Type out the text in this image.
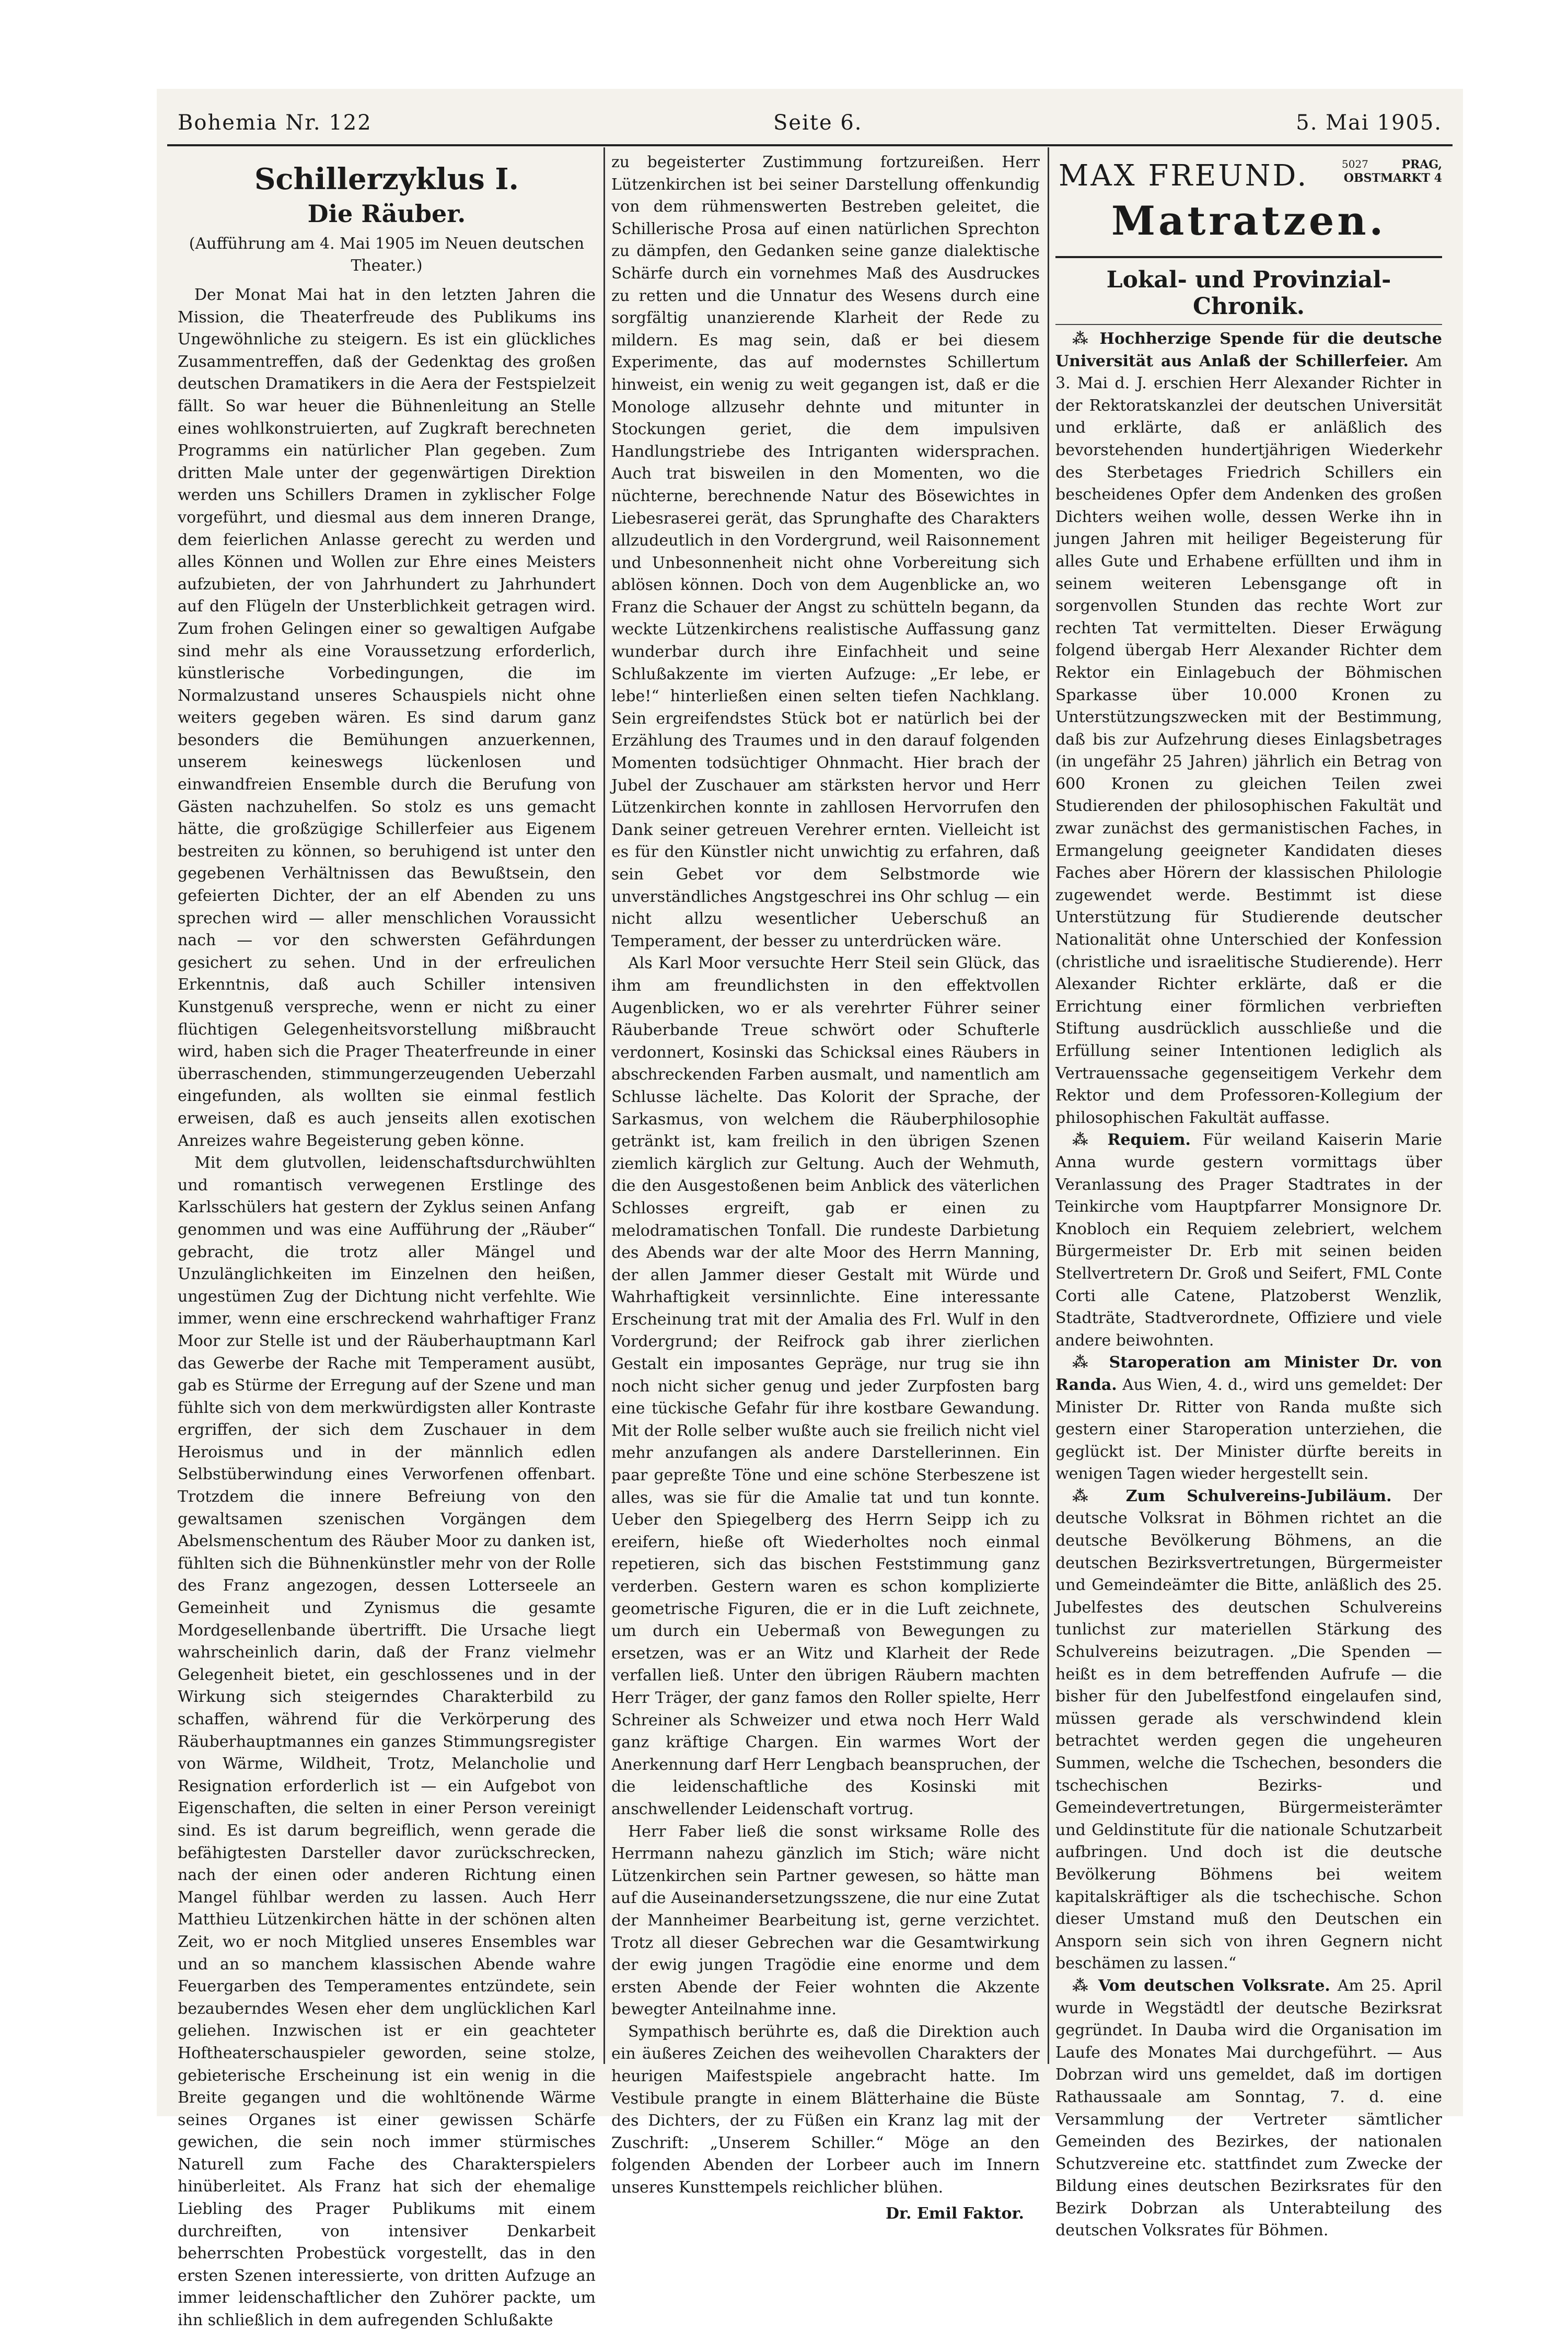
Bohemia Nr. 122	Seite 6.	5. Mai 1905.
Schillerzyklus I.
Die Räuber.
(Aufführung am 4. Mai 1905 im Neuen deutschen Theater.)

Der Monat Mai hat in den letzten Jahren die Mission, die Theaterfreude des Publikums ins Ungewöhnliche zu steigern. Es ist ein glückliches Zusammentreffen, daß der Gedenktag des großen deutschen Dramatikers in die Aera der Festspielzeit fällt. So war heuer die Bühnenleitung an Stelle eines wohlkonstruierten, auf Zugkraft berechneten Programms ein natürlicher Plan gegeben. Zum dritten Male unter der gegenwärtigen Direktion werden uns Schillers Dramen in zyklischer Folge vorgeführt, und diesmal aus dem inneren Drange, dem feierlichen Anlasse gerecht zu werden und alles Können und Wollen zur Ehre eines Meisters aufzubieten, der von Jahrhundert zu Jahrhundert auf den Flügeln der Unsterblichkeit getragen wird. Zum frohen Gelingen einer so gewaltigen Aufgabe sind mehr als eine Voraussetzung erforderlich, künstlerische Vorbedingungen, die im Normalzustand unseres Schauspiels nicht ohne weiters gegeben wären. Es sind darum ganz besonders die Bemühungen anzuerkennen, unserem keineswegs lückenlosen und einwandfreien Ensemble durch die Berufung von Gästen nachzuhelfen. So stolz es uns gemacht hätte, die großzügige Schillerfeier aus Eigenem bestreiten zu können, so beruhigend ist unter den gegebenen Verhältnissen das Bewußtsein, den gefeierten Dichter, der an elf Abenden zu uns sprechen wird — aller menschlichen Voraussicht nach — vor den schwersten Gefährdungen gesichert zu sehen. Und in der erfreulichen Erkenntnis, daß auch Schiller intensiven Kunstgenuß verspreche, wenn er nicht zu einer flüchtigen Gelegenheitsvorstellung mißbraucht wird, haben sich die Prager Theaterfreunde in einer überraschenden, stimmungerzeugenden Ueberzahl eingefunden, als wollten sie einmal festlich erweisen, daß es auch jenseits allen exotischen Anreizes wahre Begeisterung geben könne.

Mit dem glutvollen, leidenschaftsdurchwühlten und romantisch verwegenen Erstlinge des Karlsschülers hat gestern der Zyklus seinen Anfang genommen und was eine Aufführung der „Räuber“ gebracht, die trotz aller Mängel und Unzulänglichkeiten im Einzelnen den heißen, ungestümen Zug der Dichtung nicht verfehlte. Wie immer, wenn eine erschreckend wahrhaftiger Franz Moor zur Stelle ist und der Räuberhauptmann Karl das Gewerbe der Rache mit Temperament ausübt, gab es Stürme der Erregung auf der Szene und man fühlte sich von dem merkwürdigsten aller Kontraste ergriffen, der sich dem Zuschauer in dem Heroismus und in der männlich edlen Selbstüberwindung eines Verworfenen offenbart. Trotzdem die innere Befreiung von den gewaltsamen szenischen Vorgängen dem Abelsmenschentum des Räuber Moor zu danken ist, fühlten sich die Bühnenkünstler mehr von der Rolle des Franz angezogen, dessen Lotterseele an Gemeinheit und Zynismus die gesamte Mordgesellenbande übertrifft. Die Ursache liegt wahrscheinlich darin, daß der Franz vielmehr Gelegenheit bietet, ein geschlossenes und in der Wirkung sich steigerndes Charakterbild zu schaffen, während für die Verkörperung des Räuberhauptmannes ein ganzes Stimmungsregister von Wärme, Wildheit, Trotz, Melancholie und Resignation erforderlich ist — ein Aufgebot von Eigenschaften, die selten in einer Person vereinigt sind. Es ist darum begreiflich, wenn gerade die befähigtesten Darsteller davor zurückschrecken, nach der einen oder anderen Richtung einen Mangel fühlbar werden zu lassen. Auch Herr Matthieu Lützenkirchen hätte in der schönen alten Zeit, wo er noch Mitglied unseres Ensembles war und an so manchem klassischen Abende wahre Feuergarben des Temperamentes entzündete, sein bezauberndes Wesen eher dem unglücklichen Karl geliehen. Inzwischen ist er ein geachteter Hoftheaterschauspieler geworden, seine stolze, gebieterische Erscheinung ist ein wenig in die Breite gegangen und die wohltönende Wärme seines Organes ist einer gewissen Schärfe gewichen, die sein noch immer stürmisches Naturell zum Fache des Charakterspielers hinüberleitet. Als Franz hat sich der ehemalige Liebling des Prager Publikums mit einem durchreiften, von intensiver Denkarbeit beherrschten Probestück vorgestellt, das in den ersten Szenen interessierte, von dritten Aufzuge an immer leidenschaftlicher den Zuhörer packte, um ihn schließlich in dem aufregenden Schlußakte

zu begeisterter Zustimmung fortzureißen. Herr Lützenkirchen ist bei seiner Darstellung offenkundig von dem rühmenswerten Bestreben geleitet, die Schillerische Prosa auf einen natürlichen Sprechton zu dämpfen, den Gedanken seine ganze dialektische Schärfe durch ein vornehmes Maß des Ausdruckes zu retten und die Unnatur des Wesens durch eine sorgfältig unanzierende Klarheit der Rede zu mildern. Es mag sein, daß er bei diesem Experimente, das auf modernstes Schillertum hinweist, ein wenig zu weit gegangen ist, daß er die Monologe allzusehr dehnte und mitunter in Stockungen geriet, die dem impulsiven Handlungstriebe des Intriganten widersprachen. Auch trat bisweilen in den Momenten, wo die nüchterne, berechnende Natur des Bösewichtes in Liebesraserei gerät, das Sprunghafte des Charakters allzudeutlich in den Vordergrund, weil Raisonnement und Unbesonnenheit nicht ohne Vorbereitung sich ablösen können. Doch von dem Augenblicke an, wo Franz die Schauer der Angst zu schütteln begann, da weckte Lützenkirchens realistische Auffassung ganz wunderbar durch ihre Einfachheit und seine Schlußakzente im vierten Aufzuge: „Er lebe, er lebe!“ hinterließen einen selten tiefen Nachklang. Sein ergreifendstes Stück bot er natürlich bei der Erzählung des Traumes und in den darauf folgenden Momenten todsüchtiger Ohnmacht. Hier brach der Jubel der Zuschauer am stärksten hervor und Herr Lützenkirchen konnte in zahllosen Hervorrufen den Dank seiner getreuen Verehrer ernten. Vielleicht ist es für den Künstler nicht unwichtig zu erfahren, daß sein Gebet vor dem Selbstmorde wie unverständliches Angstgeschrei ins Ohr schlug — ein nicht allzu wesentlicher Ueberschuß an Temperament, der besser zu unterdrücken wäre.

Als Karl Moor versuchte Herr Steil sein Glück, das ihm am freundlichsten in den effektvollen Augenblicken, wo er als verehrter Führer seiner Räuberbande Treue schwört oder Schufterle verdonnert, Kosinski das Schicksal eines Räubers in abschreckenden Farben ausmalt, und namentlich am Schlusse lächelte. Das Kolorit der Sprache, der Sarkasmus, von welchem die Räuberphilosophie getränkt ist, kam freilich in den übrigen Szenen ziemlich kärglich zur Geltung. Auch der Wehmuth, die den Ausgestoßenen beim Anblick des väterlichen Schlosses ergreift, gab er einen zu melodramatischen Tonfall. Die rundeste Darbietung des Abends war der alte Moor des Herrn Manning, der allen Jammer dieser Gestalt mit Würde und Wahrhaftigkeit versinnlichte. Eine interessante Erscheinung trat mit der Amalia des Frl. Wulf in den Vordergrund; der Reifrock gab ihrer zierlichen Gestalt ein imposantes Gepräge, nur trug sie ihn noch nicht sicher genug und jeder Zurpfosten barg eine tückische Gefahr für ihre kostbare Gewandung. Mit der Rolle selber wußte auch sie freilich nicht viel mehr anzufangen als andere Darstellerinnen. Ein paar gepreßte Töne und eine schöne Sterbeszene ist alles, was sie für die Amalie tat und tun konnte. Ueber den Spiegelberg des Herrn Seipp ich zu ereifern, hieße oft Wiederholtes noch einmal repetieren, sich das bischen Feststimmung ganz verderben. Gestern waren es schon komplizierte geometrische Figuren, die er in die Luft zeichnete, um durch ein Uebermaß von Bewegungen zu ersetzen, was er an Witz und Klarheit der Rede verfallen ließ. Unter den übrigen Räubern machten Herr Träger, der ganz famos den Roller spielte, Herr Schreiner als Schweizer und etwa noch Herr Wald ganz kräftige Chargen. Ein warmes Wort der Anerkennung darf Herr Lengbach beanspruchen, der die leidenschaftliche des Kosinski mit anschwellender Leidenschaft vortrug.

Herr Faber ließ die sonst wirksame Rolle des Herrmann nahezu gänzlich im Stich; wäre nicht Lützenkirchen sein Partner gewesen, so hätte man auf die Auseinandersetzungsszene, die nur eine Zutat der Mannheimer Bearbeitung ist, gerne verzichtet. Trotz all dieser Gebrechen war die Gesamtwirkung der ewig jungen Tragödie eine enorme und dem ersten Abende der Feier wohnten die Akzente bewegter Anteilnahme inne.

Sympathisch berührte es, daß die Direktion auch ein äußeres Zeichen des weihevollen Charakters der heurigen Maifestspiele angebracht hatte. Im Vestibule prangte in einem Blätterhaine die Büste des Dichters, der zu Füßen ein Kranz lag mit der Zuschrift: „Unserem Schiller.“ Möge an den folgenden Abenden der Lorbeer auch im Innern unseres Kunsttempels reichlicher blühen.

Dr. Emil Faktor.
MAX FREUND.	5027	PRAG,
OBSTMARKT 4
Matratzen.
Lokal- und Provinzial-Chronik.

⁂ Hochherzige Spende für die deutsche Universität aus Anlaß der Schillerfeier. Am 3. Mai d. J. erschien Herr Alexander Richter in der Rektoratskanzlei der deutschen Universität und erklärte, daß er anläßlich des bevorstehenden hundertjährigen Wiederkehr des Sterbetages Friedrich Schillers ein bescheidenes Opfer dem Andenken des großen Dichters weihen wolle, dessen Werke ihn in jungen Jahren mit heiliger Begeisterung für alles Gute und Erhabene erfüllten und ihm in seinem weiteren Lebensgange oft in sorgenvollen Stunden das rechte Wort zur rechten Tat vermittelten. Dieser Erwägung folgend übergab Herr Alexander Richter dem Rektor ein Einlagebuch der Böhmischen Sparkasse über 10.000 Kronen zu Unterstützungszwecken mit der Bestimmung, daß bis zur Aufzehrung dieses Einlagsbetrages (in ungefähr 25 Jahren) jährlich ein Betrag von 600 Kronen zu gleichen Teilen zwei Studierenden der philosophischen Fakultät und zwar zunächst des germanistischen Faches, in Ermangelung geeigneter Kandidaten dieses Faches aber Hörern der klassischen Philologie zugewendet werde. Bestimmt ist diese Unterstützung für Studierende deutscher Nationalität ohne Unterschied der Konfession (christliche und israelitische Studierende). Herr Alexander Richter erklärte, daß er die Errichtung einer förmlichen verbrieften Stiftung ausdrücklich ausschließe und die Erfüllung seiner Intentionen lediglich als Vertrauenssache gegenseitigem Verkehr dem Rektor und dem Professoren-Kollegium der philosophischen Fakultät auffasse.

⁂ Requiem. Für weiland Kaiserin Marie Anna wurde gestern vormittags über Veranlassung des Prager Stadtrates in der Teinkirche vom Hauptpfarrer Monsignore Dr. Knobloch ein Requiem zelebriert, welchem Bürgermeister Dr. Erb mit seinen beiden Stellvertretern Dr. Groß und Seifert, FML Conte Corti alle Catene, Platzoberst Wenzlik, Stadträte, Stadtverordnete, Offiziere und viele andere beiwohnten.

⁂ Staroperation am Minister Dr. von Randa. Aus Wien, 4. d., wird uns gemeldet: Der Minister Dr. Ritter von Randa mußte sich gestern einer Staroperation unterziehen, die geglückt ist. Der Minister dürfte bereits in wenigen Tagen wieder hergestellt sein.

⁂ Zum Schulvereins-Jubiläum. Der deutsche Volksrat in Böhmen richtet an die deutsche Bevölkerung Böhmens, an die deutschen Bezirksvertretungen, Bürgermeister und Gemeindeämter die Bitte, anläßlich des 25. Jubelfestes des deutschen Schulvereins tunlichst zur materiellen Stärkung des Schulvereins beizutragen. „Die Spenden — heißt es in dem betreffenden Aufrufe — die bisher für den Jubelfestfond eingelaufen sind, müssen gerade als verschwindend klein betrachtet werden gegen die ungeheuren Summen, welche die Tschechen, besonders die tschechischen Bezirks- und Gemeindevertretungen, Bürgermeisterämter und Geldinstitute für die nationale Schutzarbeit aufbringen. Und doch ist die deutsche Bevölkerung Böhmens bei weitem kapitalskräftiger als die tschechische. Schon dieser Umstand muß den Deutschen ein Ansporn sein sich von ihren Gegnern nicht beschämen zu lassen.“

⁂ Vom deutschen Volksrate. Am 25. April wurde in Wegstädtl der deutsche Bezirksrat gegründet. In Dauba wird die Organisation im Laufe des Monates Mai durchgeführt. — Aus Dobrzan wird uns gemeldet, daß im dortigen Rathaussaale am Sonntag, 7. d. eine Versammlung der Vertreter sämtlicher Gemeinden des Bezirkes, der nationalen Schutzvereine etc. stattfindet zum Zwecke der Bildung eines deutschen Bezirksrates für den Bezirk Dobrzan als Unterabteilung des deutschen Volksrates für Böhmen.
